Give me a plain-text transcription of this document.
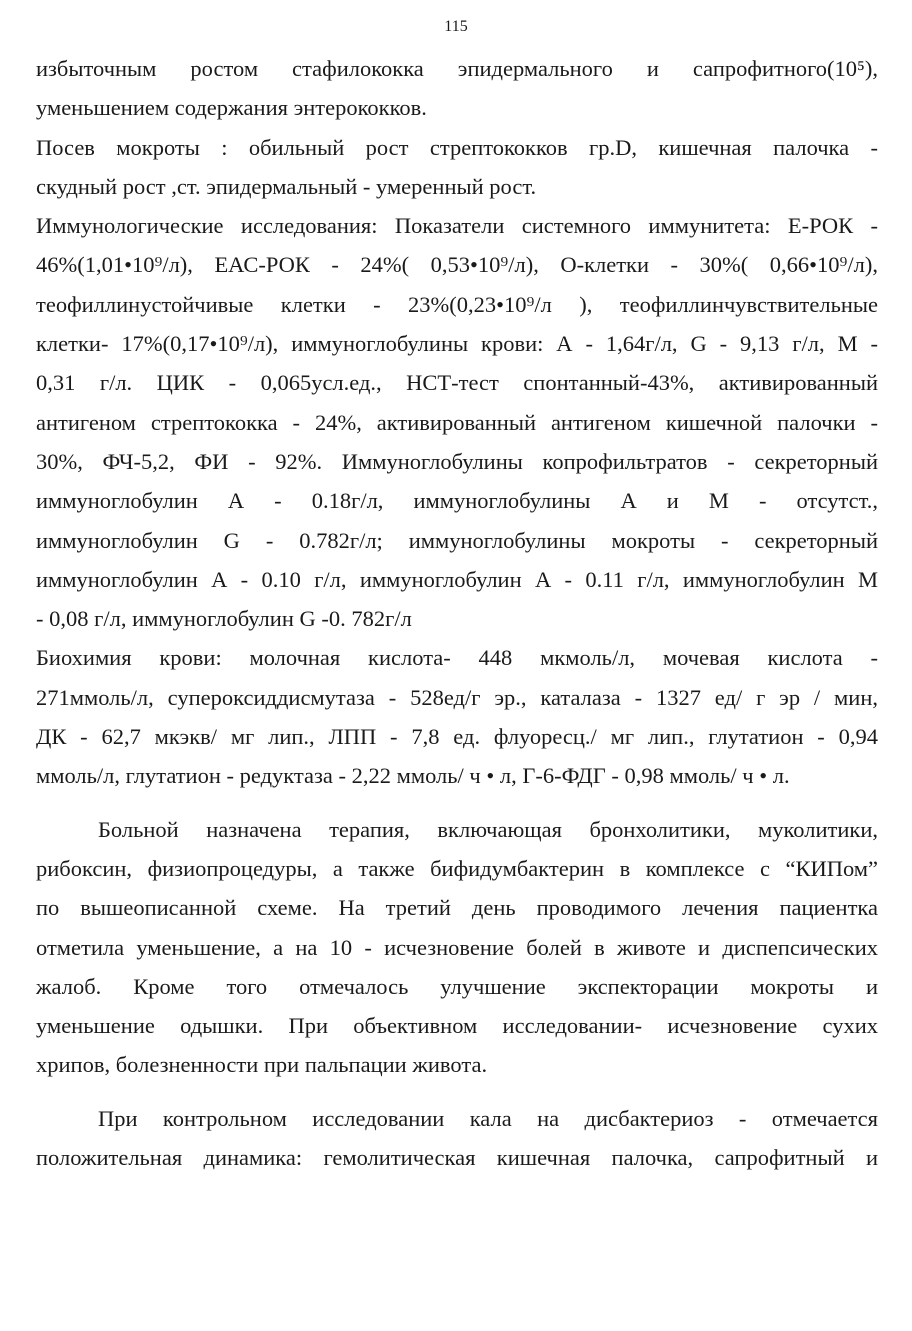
115
избыточным ростом стафилококка эпидермального и сапрофитного(10⁵),
уменьшением содержания энтерококков.
Посев мокроты : обильный рост стрептококков гр.D, кишечная палочка -
скудный рост ,ст. эпидермальный - умеренный рост.
Иммунологические исследования: Показатели системного иммунитета: Е-РОК -
46%(1,01•10⁹/л), ЕАС-РОК - 24%( 0,53•10⁹/л), О-клетки - 30%( 0,66•10⁹/л),
теофиллинустойчивые клетки - 23%(0,23•10⁹/л ), теофиллинчувствительные
клетки- 17%(0,17•10⁹/л), иммуноглобулины крови: А - 1,64г/л, G - 9,13 г/л, М -
0,31 г/л. ЦИК - 0,065усл.ед., НСТ-тест спонтанный-43%, активированный
антигеном стрептококка - 24%, активированный антигеном кишечной палочки -
30%, ФЧ-5,2, ФИ - 92%. Иммуноглобулины копрофильтратов - секреторный
иммуноглобулин А - 0.18г/л, иммуноглобулины А и М - отсутст.,
иммуноглобулин G - 0.782г/л; иммуноглобулины мокроты - секреторный
иммуноглобулин А - 0.10 г/л, иммуноглобулин А - 0.11 г/л, иммуноглобулин М
- 0,08 г/л, иммуноглобулин G -0. 782г/л
Биохимия крови: молочная кислота- 448 мкмоль/л, мочевая кислота -
271ммоль/л, супероксиддисмутаза - 528ед/г эр., каталаза - 1327 ед/ г эр / мин,
ДК - 62,7 мкэкв/ мг лип., ЛПП - 7,8 ед. флуоресц./ мг лип., глутатион - 0,94
ммоль/л, глутатион - редуктаза - 2,22 ммоль/ ч • л, Г-6-ФДГ - 0,98 ммоль/ ч • л.
Больной назначена терапия, включающая бронхолитики, муколитики,
рибоксин, физиопроцедуры, а также бифидумбактерин в комплексе с “КИПом”
по вышеописанной схеме. На третий день проводимого лечения пациентка
отметила уменьшение, а на 10 - исчезновение болей в животе и диспепсических
жалоб. Кроме того отмечалось улучшение экспекторации мокроты и
уменьшение одышки. При объективном исследовании- исчезновение сухих
хрипов, болезненности при пальпации живота.
При контрольном исследовании кала на дисбактериоз - отмечается
положительная динамика: гемолитическая кишечная палочка, сапрофитный и
